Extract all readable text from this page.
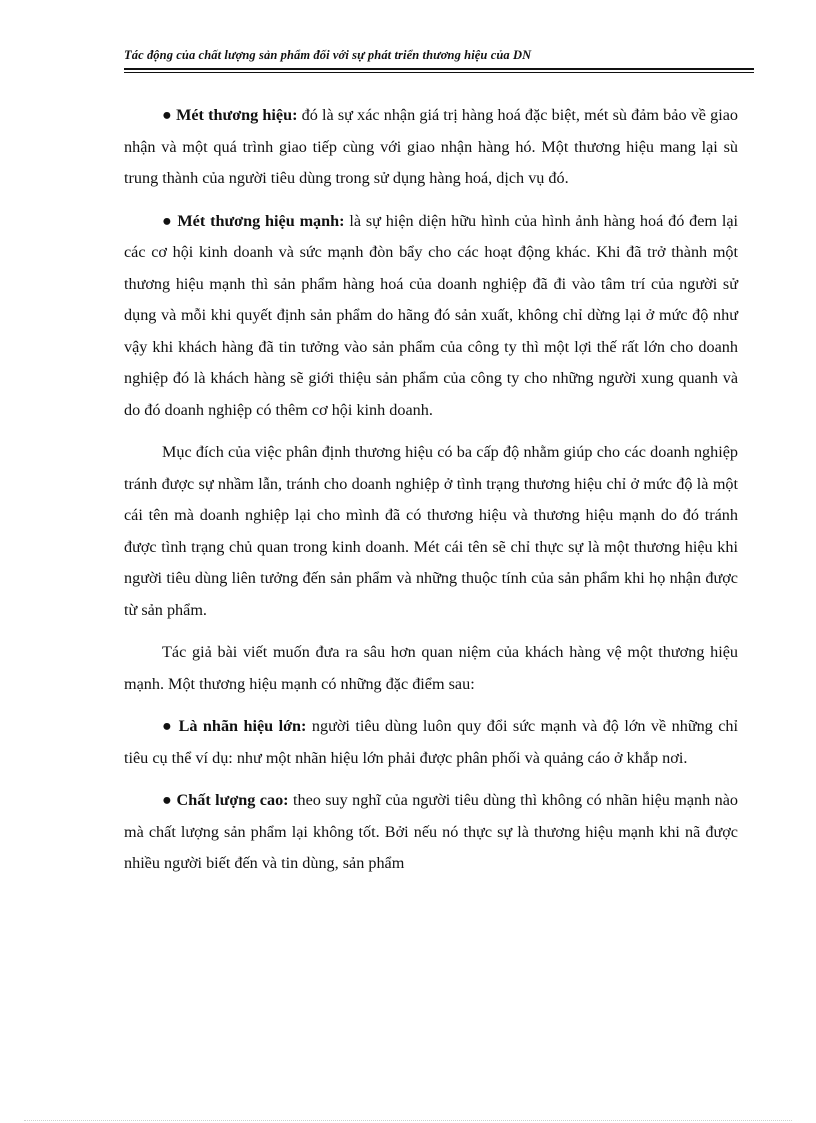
Tác động của chất lượng sản phẩm đối với sự phát triển thương hiệu của DN

● Mét thương hiệu: đó là sự xác nhận giá trị hàng hoá đặc biệt, mét sù đảm bảo về giao nhận và một quá trình giao tiếp cùng với giao nhận hàng hó. Một thương hiệu mang lại sù trung thành của người tiêu dùng trong sử dụng hàng hoá, dịch vụ đó.

● Mét thương hiệu mạnh: là sự hiện diện hữu hình của hình ảnh hàng hoá đó đem lại các cơ hội kinh doanh và sức mạnh đòn bẩy cho các hoạt động khác. Khi đã trở thành một thương hiệu mạnh thì sản phẩm hàng hoá của doanh nghiệp đã đi vào tâm trí của người sử dụng và mỗi khi quyết định sản phẩm do hãng đó sản xuất, không chỉ dừng lại ở mức độ như vậy khi khách hàng đã tin tưởng vào sản phẩm của công ty thì một lợi thế rất lớn cho doanh nghiệp đó là khách hàng sẽ giới thiệu sản phẩm của công ty cho những người xung quanh và do đó doanh nghiệp có thêm cơ hội kinh doanh.

Mục đích của việc phân định thương hiệu có ba cấp độ nhằm giúp cho các doanh nghiệp tránh được sự nhầm lẫn, tránh cho doanh nghiệp ở tình trạng thương hiệu chỉ ở mức độ là một cái tên mà doanh nghiệp lại cho mình đã có thương hiệu và thương hiệu mạnh do đó tránh được tình trạng chủ quan trong kinh doanh. Mét cái tên sẽ chỉ thực sự là một thương hiệu khi người tiêu dùng liên tưởng đến sản phẩm và những thuộc tính của sản phẩm khi họ nhận được từ sản phẩm.

Tác giả bài viết muốn đưa ra sâu hơn quan niệm của khách hàng vệ một thương hiệu mạnh. Một thương hiệu mạnh có những đặc điểm sau:

● Là nhãn hiệu lớn: người tiêu dùng luôn quy đổi sức mạnh và độ lớn về những chỉ tiêu cụ thể ví dụ: như một nhãn hiệu lớn phải được phân phối và quảng cáo ở khắp nơi.

● Chất lượng cao: theo suy nghĩ của người tiêu dùng thì không có nhãn hiệu mạnh nào mà chất lượng sản phẩm lại không tốt. Bởi nếu nó thực sự là thương hiệu mạnh khi nã được nhiều người biết đến và tin dùng, sản phẩm
